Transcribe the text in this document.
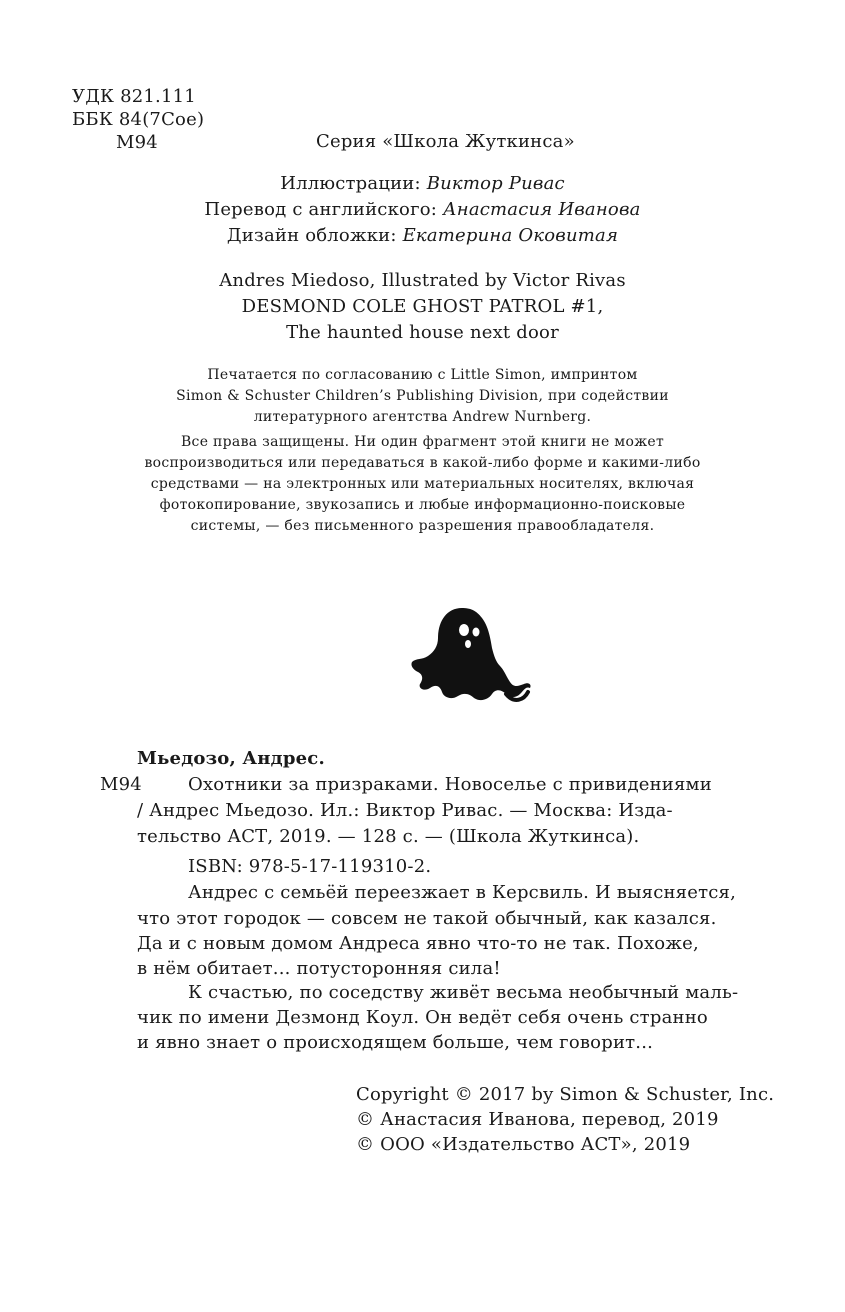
УДК 821.111
ББК 84(7Сое)
М94	Серия «Школа Жуткинса»
Иллюстрации: Виктор Ривас
Перевод с английского: Анастасия Иванова
Дизайн обложки: Екатерина Оковитая
Andres Miedoso, Illustrated by Victor Rivas
DESMOND COLE GHOST PATROL #1,
The haunted house next door
Печатается по согласованию с Little Simon, импринтом
Simon & Schuster Children’s Publishing Division, при содействии
литературного агентства Andrew Nurnberg.
Все права защищены. Ни один фрагмент этой книги не может
воспроизводиться или передаваться в какой-либо форме и какими-либо
средствами — на электронных или материальных носителях, включая
фотокопирование, звукозапись и любые информационно-поисковые
системы, — без письменного разрешения правообладателя.
Мьедозо, Андрес.
М94	Охотники за призраками. Новоселье с привидениями
/ Андрес Мьедозо. Ил.: Виктор Ривас. — Москва: Изда-
тельство АСТ, 2019. — 128 с. — (Школа Жуткинса).
ISBN: 978-5-17-119310-2.
Андрес с семьёй переезжает в Керсвиль. И выясняется,
что этот городок — совсем не такой обычный, как казался.
Да и с новым домом Андреса явно что-то не так. Похоже,
в нём обитает... потусторонняя сила!
К счастью, по соседству живёт весьма необычный маль-
чик по имени Дезмонд Коул. Он ведёт себя очень странно
и явно знает о происходящем больше, чем говорит...
Copyright © 2017 by Simon & Schuster, Inc.
© Анастасия Иванова, перевод, 2019
© ООО «Издательство АСТ», 2019
